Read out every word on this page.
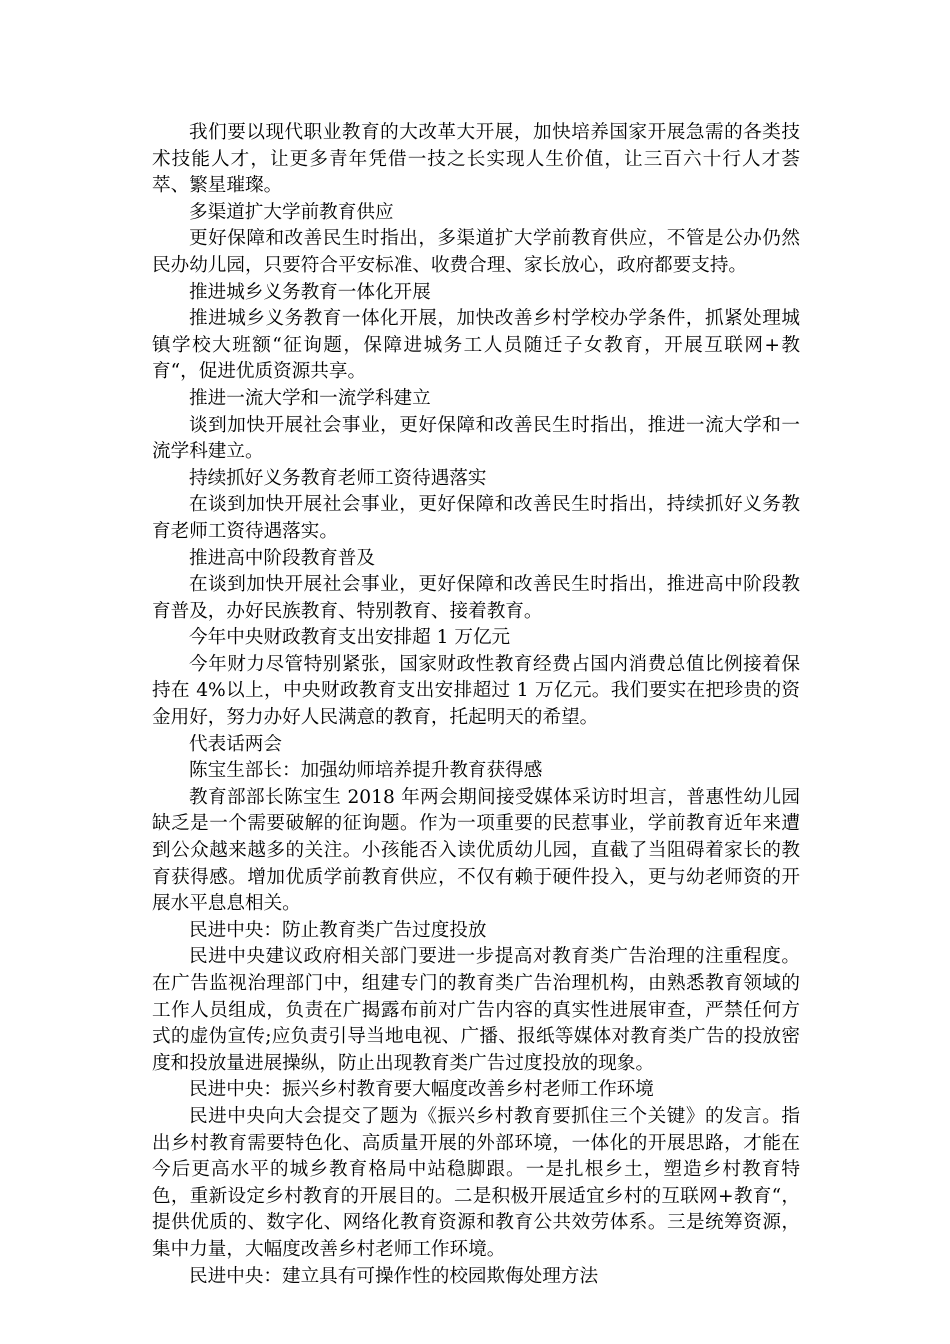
我们要以现代职业教育的大改革大开展，加快培养国家开展急需的各类技术技能人才，让更多青年凭借一技之长实现人生价值，让三百六十行人才荟萃、繁星璀璨。

多渠道扩大学前教育供应

更好保障和改善民生时指出，多渠道扩大学前教育供应，不管是公办仍然民办幼儿园，只要符合平安标准、收费合理、家长放心，政府都要支持。

推进城乡义务教育一体化开展

推进城乡义务教育一体化开展，加快改善乡村学校办学条件，抓紧处理城镇学校大班额“征询题，保障进城务工人员随迁子女教育，开展互联网+教育“，促进优质资源共享。

推进一流大学和一流学科建立

谈到加快开展社会事业，更好保障和改善民生时指出，推进一流大学和一流学科建立。

持续抓好义务教育老师工资待遇落实

在谈到加快开展社会事业，更好保障和改善民生时指出，持续抓好义务教育老师工资待遇落实。

推进高中阶段教育普及

在谈到加快开展社会事业，更好保障和改善民生时指出，推进高中阶段教育普及，办好民族教育、特别教育、接着教育。

今年中央财政教育支出安排超 1 万亿元

今年财力尽管特别紧张，国家财政性教育经费占国内消费总值比例接着保持在 4%以上，中央财政教育支出安排超过 1 万亿元。我们要实在把珍贵的资金用好，努力办好人民满意的教育，托起明天的希望。

代表话两会

陈宝生部长：加强幼师培养提升教育获得感

教育部部长陈宝生 2018 年两会期间接受媒体采访时坦言，普惠性幼儿园缺乏是一个需要破解的征询题。作为一项重要的民惹事业，学前教育近年来遭到公众越来越多的关注。小孩能否入读优质幼儿园，直截了当阻碍着家长的教育获得感。增加优质学前教育供应，不仅有赖于硬件投入，更与幼老师资的开展水平息息相关。

民进中央：防止教育类广告过度投放

民进中央建议政府相关部门要进一步提高对教育类广告治理的注重程度。在广告监视治理部门中，组建专门的教育类广告治理机构，由熟悉教育领域的工作人员组成，负责在广揭露布前对广告内容的真实性进展审查，严禁任何方式的虚伪宣传;应负责引导当地电视、广播、报纸等媒体对教育类广告的投放密度和投放量进展操纵，防止出现教育类广告过度投放的现象。

民进中央：振兴乡村教育要大幅度改善乡村老师工作环境

民进中央向大会提交了题为《振兴乡村教育要抓住三个关键》的发言。指出乡村教育需要特色化、高质量开展的外部环境，一体化的开展思路，才能在今后更高水平的城乡教育格局中站稳脚跟。一是扎根乡土，塑造乡村教育特色，重新设定乡村教育的开展目的。二是积极开展适宜乡村的互联网+教育“，提供优质的、数字化、网络化教育资源和教育公共效劳体系。三是统筹资源，集中力量，大幅度改善乡村老师工作环境。

民进中央：建立具有可操作性的校园欺侮处理方法
